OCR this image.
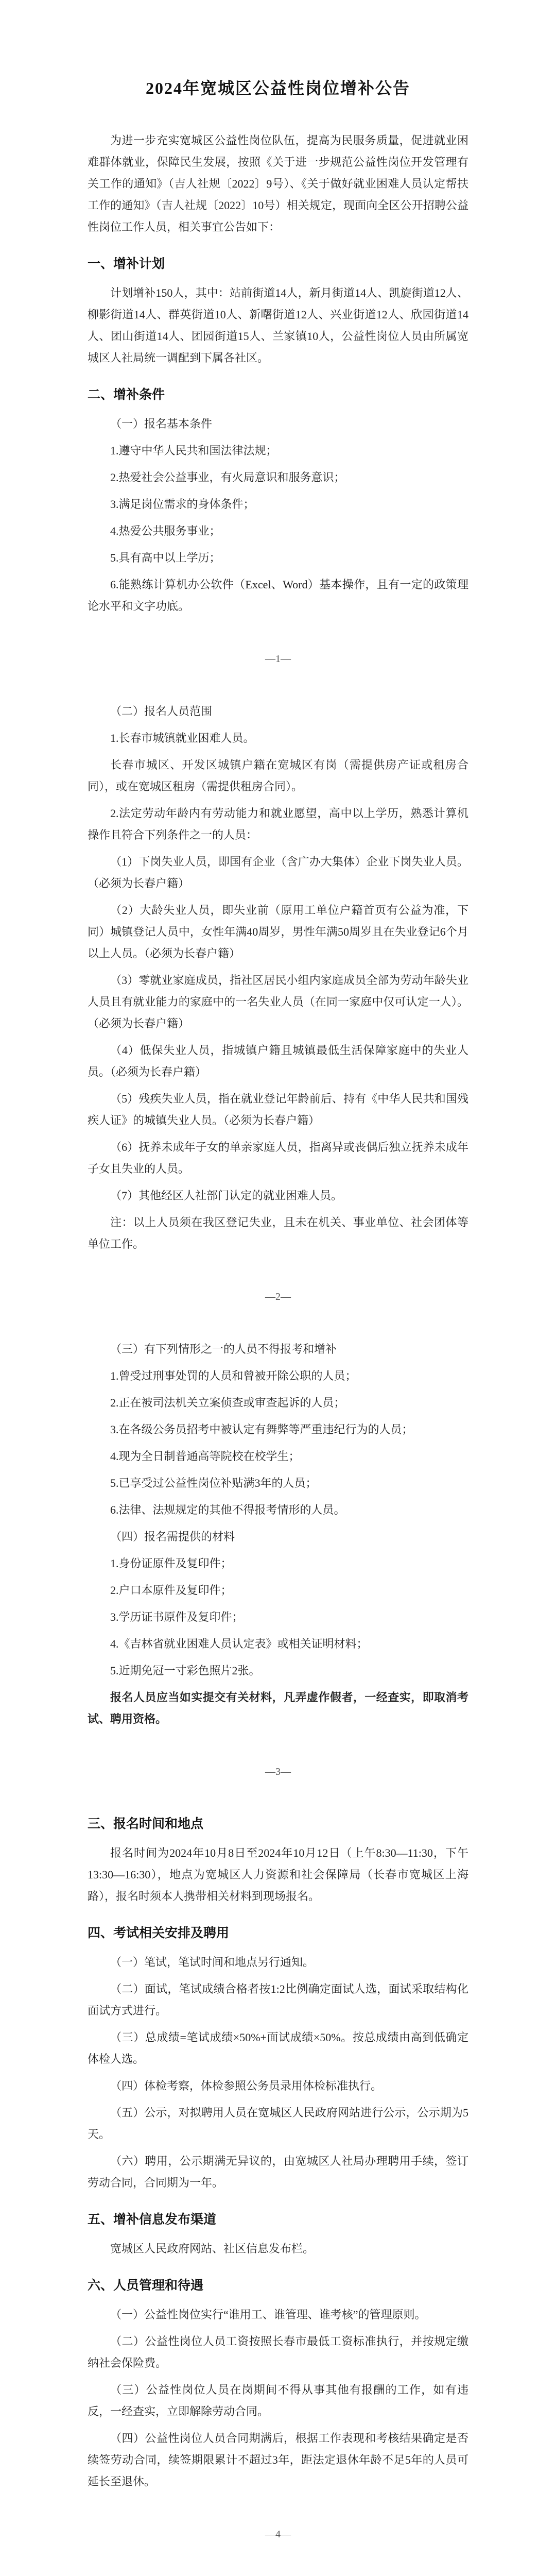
2024年宽城区公益性岗位增补公告

为进一步充实宽城区公益性岗位队伍，提高为民服务质量，促进就业困难群体就业，保障民生发展，按照《关于进一步规范公益性岗位开发管理有关工作的通知》（吉人社规〔2022〕9号）、《关于做好就业困难人员认定帮扶工作的通知》（吉人社规〔2022〕10号）相关规定，现面向全区公开招聘公益性岗位工作人员，相关事宜公告如下：

一、增补计划

计划增补150人，其中：站前街道14人，新月街道14人、凯旋街道12人、柳影街道14人、群英街道10人、新曙街道12人、兴业街道12人、欣园街道14人、团山街道14人、团园街道15人、兰家镇10人，公益性岗位人员由所属宽城区人社局统一调配到下属各社区。

二、增补条件

（一）报名基本条件

1.遵守中华人民共和国法律法规；

2.热爱社会公益事业，有火局意识和服务意识；

3.满足岗位需求的身体条件；

4.热爱公共服务事业；

5.具有高中以上学历；

6.能熟练计算机办公软件（Excel、Word）基本操作，且有一定的政策理论水平和文字功底。

—1—

（二）报名人员范围

1.长春市城镇就业困难人员。

长春市城区、开发区城镇户籍在宽城区有岗（需提供房产证或租房合同），或在宽城区租房（需提供租房合同）。

2.法定劳动年龄内有劳动能力和就业愿望，高中以上学历，熟悉计算机操作且符合下列条件之一的人员：

（1）下岗失业人员，即国有企业（含广办大集体）企业下岗失业人员。（必须为长春户籍）

（2）大龄失业人员，即失业前（原用工单位户籍首页有公益为准，下同）城镇登记人员中，女性年满40周岁，男性年满50周岁且在失业登记6个月以上人员。（必须为长春户籍）

（3）零就业家庭成员，指社区居民小组内家庭成员全部为劳动年龄失业人员且有就业能力的家庭中的一名失业人员（在同一家庭中仅可认定一人）。（必须为长春户籍）

（4）低保失业人员，指城镇户籍且城镇最低生活保障家庭中的失业人员。（必须为长春户籍）

（5）残疾失业人员，指在就业登记年龄前后、持有《中华人民共和国残疾人证》的城镇失业人员。（必须为长春户籍）

（6）抚养未成年子女的单亲家庭人员，指离异或丧偶后独立抚养未成年子女且失业的人员。

（7）其他经区人社部门认定的就业困难人员。

注：以上人员须在我区登记失业，且未在机关、事业单位、社会团体等单位工作。

—2—

（三）有下列情形之一的人员不得报考和增补

1.曾受过刑事处罚的人员和曾被开除公职的人员；

2.正在被司法机关立案侦查或审查起诉的人员；

3.在各级公务员招考中被认定有舞弊等严重违纪行为的人员；

4.现为全日制普通高等院校在校学生；

5.已享受过公益性岗位补贴满3年的人员；

6.法律、法规规定的其他不得报考情形的人员。

（四）报名需提供的材料

1.身份证原件及复印件；

2.户口本原件及复印件；

3.学历证书原件及复印件；

4.《吉林省就业困难人员认定表》或相关证明材料；

5.近期免冠一寸彩色照片2张。

报名人员应当如实提交有关材料，凡弄虚作假者，一经查实，即取消考试、聘用资格。

—3—

三、报名时间和地点

报名时间为2024年10月8日至2024年10月12日（上午8:30—11:30，下午13:30—16:30），地点为宽城区人力资源和社会保障局（长春市宽城区上海路），报名时须本人携带相关材料到现场报名。

四、考试相关安排及聘用

（一）笔试，笔试时间和地点另行通知。

（二）面试，笔试成绩合格者按1:2比例确定面试人选，面试采取结构化面试方式进行。

（三）总成绩=笔试成绩×50%+面试成绩×50%。按总成绩由高到低确定体检人选。

（四）体检考察，体检参照公务员录用体检标准执行。

（五）公示，对拟聘用人员在宽城区人民政府网站进行公示，公示期为5天。

（六）聘用，公示期满无异议的，由宽城区人社局办理聘用手续，签订劳动合同，合同期为一年。

五、增补信息发布渠道

宽城区人民政府网站、社区信息发布栏。

六、人员管理和待遇

（一）公益性岗位实行“谁用工、谁管理、谁考核”的管理原则。

（二）公益性岗位人员工资按照长春市最低工资标准执行，并按规定缴纳社会保险费。

（三）公益性岗位人员在岗期间不得从事其他有报酬的工作，如有违反，一经查实，立即解除劳动合同。

（四）公益性岗位人员合同期满后，根据工作表现和考核结果确定是否续签劳动合同，续签期限累计不超过3年，距法定退休年龄不足5年的人员可延长至退休。

—4—
